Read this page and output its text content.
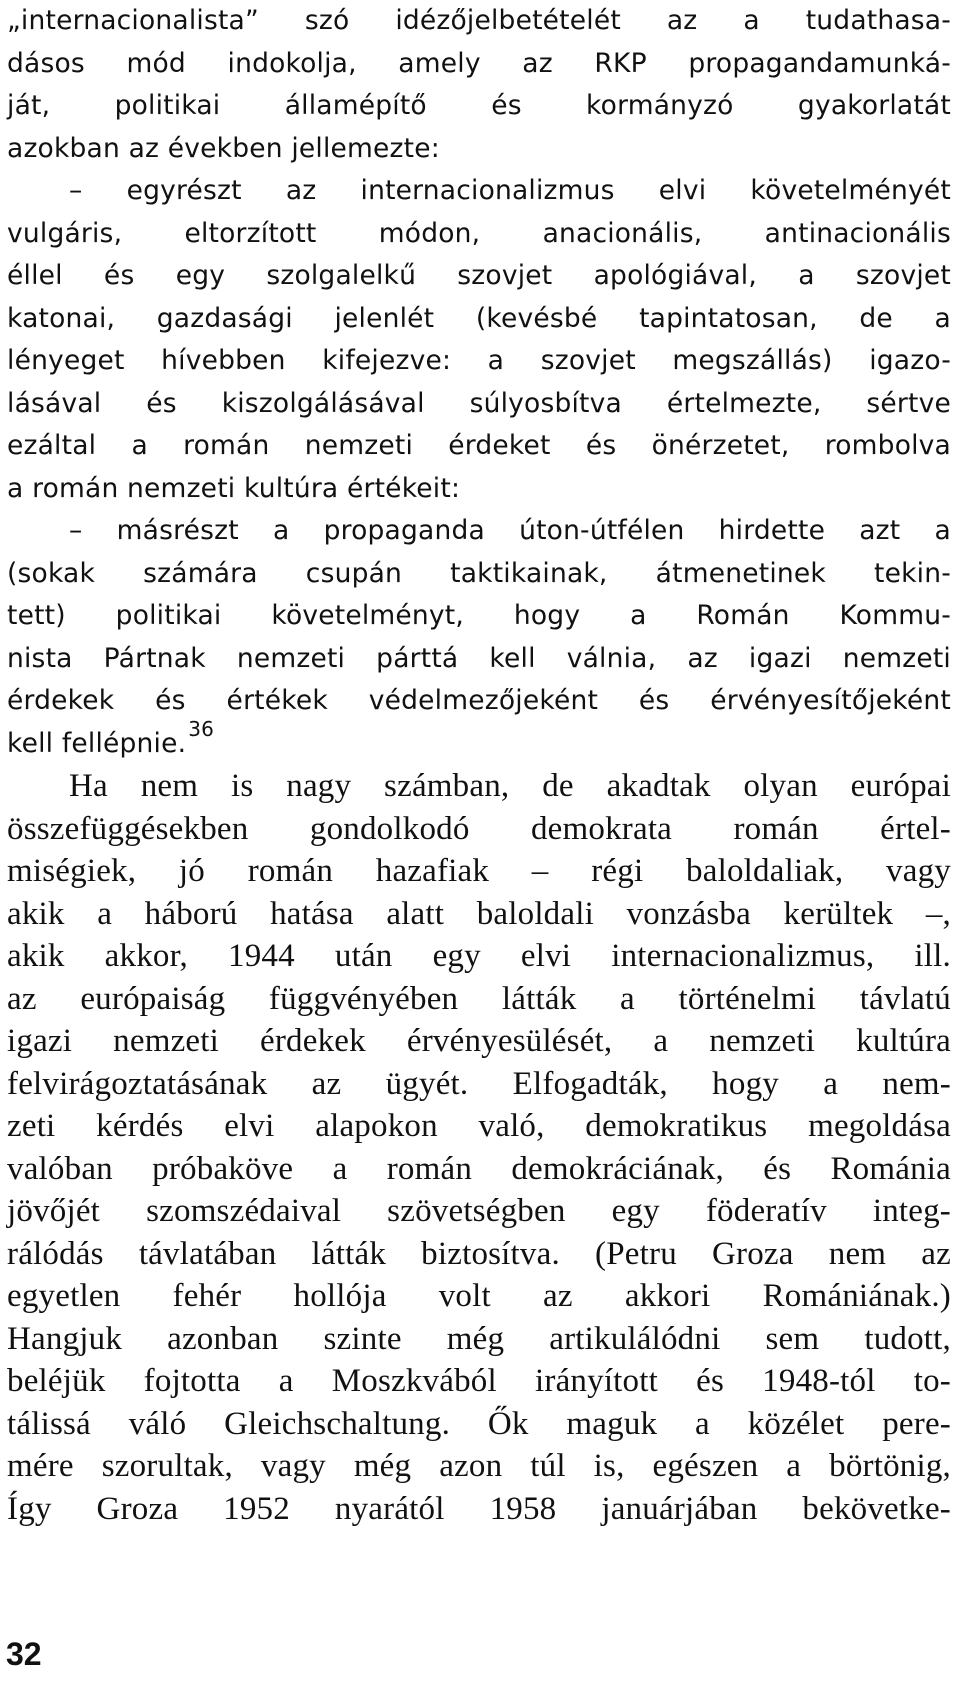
„internacionalista” szó idézőjelbetételét az a tudathasa-
dásos mód indokolja, amely az RKP propagandamunká-
ját, politikai államépítő és kormányzó gyakorlatát
azokban az években jellemezte:
– egyrészt az internacionalizmus elvi követelményét
vulgáris, eltorzított módon, anacionális, antinacionális
éllel és egy szolgalelkű szovjet apológiával, a szovjet
katonai, gazdasági jelenlét (kevésbé tapintatosan, de a
lényeget hívebben kifejezve: a szovjet megszállás) igazo-
lásával és kiszolgálásával súlyosbítva értelmezte, sértve
ezáltal a román nemzeti érdeket és önérzetet, rombolva
a román nemzeti kultúra értékeit:
– másrészt a propaganda úton-útfélen hirdette azt a
(sokak számára csupán taktikainak, átmenetinek tekin-
tett) politikai követelményt, hogy a Román Kommu-
nista Pártnak nemzeti párttá kell válnia, az igazi nemzeti
érdekek és értékek védelmezőjeként és érvényesítőjeként
kell fellépnie. $^{36}$
Ha nem is nagy számban, de akadtak olyan európai
összefüggésekben gondolkodó demokrata román értel-
miségiek, jó román hazafiak – régi baloldaliak, vagy
akik a háború hatása alatt baloldali vonzásba kerültek –,
akik akkor, 1944 után egy elvi internacionalizmus, ill.
az európaiság függvényében látták a történelmi távlatú
igazi nemzeti érdekek érvényesülését, a nemzeti kultúra
felvirágoztatásának az ügyét. Elfogadták, hogy a nem-
zeti kérdés elvi alapokon való, demokratikus megoldása
valóban próbaköve a román demokráciának, és Románia
jövőjét szomszédaival szövetségben egy föderatív integ-
rálódás távlatában látták biztosítva. (Petru Groza nem az
egyetlen fehér hollója volt az akkori Romániának.)
Hangjuk azonban szinte még artikulálódni sem tudott,
beléjük fojtotta a Moszkvából irányított és 1948-tól to-
tálissá váló Gleichschaltung. Ők maguk a közélet pere-
mére szorultak, vagy még azon túl is, egészen a börtönig,
Így Groza 1952 nyarától 1958 januárjában bekövetke-
32
